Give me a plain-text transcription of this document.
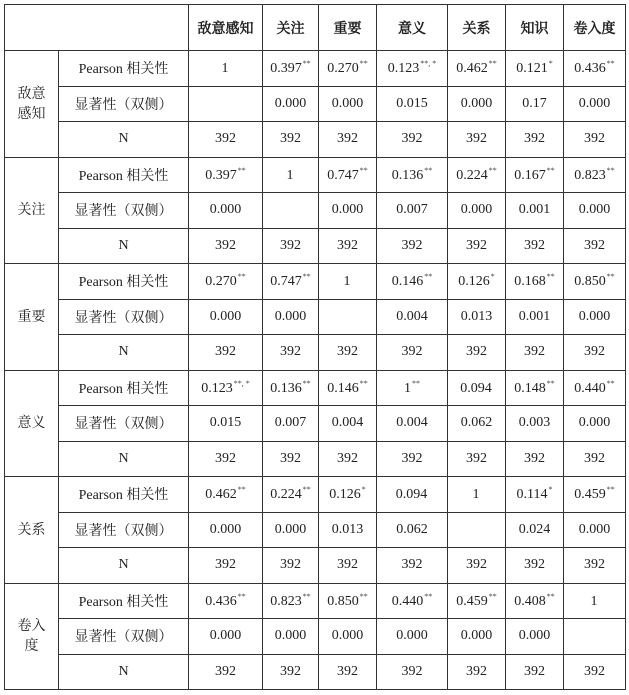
		敌意感知	关注	重要	意义	关系	知识	卷入度
敌意感知	Pearson 相关性	1	0.397**	0.270**	0.123**, *	0.462**	0.121*	0.436**
	显著性（双侧）		0.000	0.000	0.015	0.000	0.17	0.000
	N	392	392	392	392	392	392	392
关注	Pearson 相关性	0.397**	1	0.747**	0.136**	0.224**	0.167**	0.823**
	显著性（双侧）	0.000		0.000	0.007	0.000	0.001	0.000
	N	392	392	392	392	392	392	392
重要	Pearson 相关性	0.270**	0.747**	1	0.146**	0.126*	0.168**	0.850**
	显著性（双侧）	0.000	0.000		0.004	0.013	0.001	0.000
	N	392	392	392	392	392	392	392
意义	Pearson 相关性	0.123**, *	0.136**	0.146**	1**	0.094	0.148**	0.440**
	显著性（双侧）	0.015	0.007	0.004	0.004	0.062	0.003	0.000
	N	392	392	392	392	392	392	392
关系	Pearson 相关性	0.462**	0.224**	0.126*	0.094	1	0.114*	0.459**
	显著性（双侧）	0.000	0.000	0.013	0.062		0.024	0.000
	N	392	392	392	392	392	392	392
卷入度	Pearson 相关性	0.436**	0.823**	0.850**	0.440**	0.459**	0.408**	1
	显著性（双侧）	0.000	0.000	0.000	0.000	0.000	0.000	
	N	392	392	392	392	392	392	392
